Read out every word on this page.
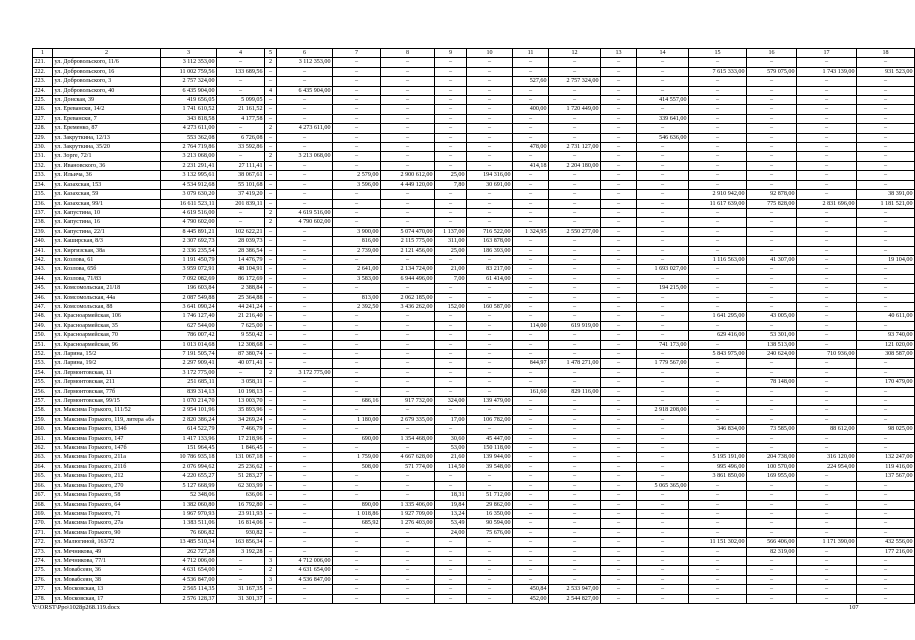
1	2	3	4	5	6	7	8	9	10	11	12	13	14	15	16	17	18
221.	ул. Добровольского, 11/6	3 112 353,00	–	2	3 112 353,00	–	–	–	–	–	–	–	–	–	–	–	–
222.	ул. Добровольского, 16	11 002 759,56	133 689,56	–	–	–	–	–	–	–	–	–	–	7 615 333,00	579 075,00	1 743 139,00	931 523,00
223.	ул. Добровольского, 3	2 757 324,00	–	–	–	–	–	–	–	527,60	2 757 324,00	–	–	–	–	–	–
224.	ул. Добровольского, 40	6 435 904,00	–	4	6 435 904,00	–	–	–	–	–	–	–	–	–	–	–	–
225.	ул. Донская, 39	419 656,05	5 099,05	–	–	–	–	–	–	–	–	–	414 557,00	–	–	–	–
226.	ул. Еревански, 14/2	1 741 610,52	21 161,52	–	–	–	–	–	–	400,00	1 720 449,00	–	–	–	–	–	–
227.	ул. Еревански, 7	343 818,58	4 177,58	–	–	–	–	–	–	–	–	–	339 641,00	–	–	–	–
228.	ул. Еременко, 87	4 273 611,00	–	2	4 273 611,00	–	–	–	–	–	–	–	–	–	–	–	–
229.	ул. Закруткина, 12/13	553 362,08	6 726,08	–	–	–	–	–	–	–	–	–	546 636,00	–	–	–	–
230.	ул. Закруткина, 35/20	2 764 719,86	33 592,86	–	–	–	–	–	–	478,00	2 731 127,00	–	–	–	–	–	–
231.	ул. Зорге, 72/1	3 213 068,00	–	2	3 213 068,00	–	–	–	–	–	–	–	–	–	–	–	–
232.	ул. Ивановского, 36	2 231 291,41	27 111,41	–	–	–	–	–	–	414,18	2 204 180,00	–	–	–	–	–	–
233.	ул. Ильича, 36	3 132 995,61	38 067,61	–	–	2 579,00	2 900 612,00	25,00	194 316,00	–	–	–	–	–	–	–	–
234.	ул. Казахская, 153	4 534 912,68	55 101,68	–	–	3 596,00	4 449 120,00	7,80	30 691,00	–	–	–	–	–	–	–	–
235.	ул. Казахская, 59	3 079 630,20	37 419,20	–	–	–	–	–	–	–	–	–	–	2 910 942,00	92 878,00	–	38 391,00
236.	ул. Казахская, 99/1	16 611 523,11	201 839,11	–	–	–	–	–	–	–	–	–	–	11 617 639,00	775 828,00	2 831 696,00	1 181 521,00
237.	ул. Капустина, 10	4 619 516,00	–	2	4 619 516,00	–	–	–	–	–	–	–	–	–	–	–	–
238.	ул. Капустина, 16	4 790 602,00	–	2	4 790 602,00	–	–	–	–	–	–	–	–	–	–	–	–
239.	ул. Капустина, 22/1	8 445 891,21	102 622,21	–	–	3 900,00	5 074 470,00	1 137,00	716 522,00	1 324,95	2 550 277,00	–	–	–	–	–	–
240.	ул. Каширская, 8/3	2 307 692,73	28 039,73	–	–	816,00	2 115 775,00	311,00	163 878,00	–	–	–	–	–	–	–	–
241.	ул. Киргизская, 38а	2 336 235,54	28 386,54	–	–	2 739,00	2 121 456,00	25,00	186 393,00	–	–	–	–	–	–	–	–
242.	ул. Козлова, 61	1 191 450,79	14 476,79	–	–	–	–	–	–	–	–	–	–	1 116 563,00	41 307,00	–	19 104,00
243.	ул. Козлова, 65б	3 959 072,91	48 104,91	–	–	2 641,00	2 134 724,00	21,00	83 217,00	–	–	–	1 693 027,00	–	–	–	–
244.	ул. Козлова, 71/83	7 092 082,69	86 172,69	–	–	3 583,00	6 944 496,00	7,00	61 414,00	–	–	–	–	–	–	–	–
245.	ул. Комсомольская, 21/18	196 603,84	2 388,84	–	–	–	–	–	–	–	–	–	194 215,00	–	–	–	–
246.	ул. Комсомольская, 44а	2 087 549,88	25 364,88	–	–	813,00	2 062 185,00	–	–	–	–	–	–	–	–	–	–
247.	ул. Комсомольская, 88	3 641 090,24	44 241,24	–	–	2 392,50	3 436 262,00	152,00	160 587,00	–	–	–	–	–	–	–	–
248.	ул. Красноармейская, 106	1 746 127,40	21 216,40	–	–	–	–	–	–	–	–	–	–	1 641 295,00	43 005,00	–	40 611,00
249.	ул. Красноармейская, 35	627 544,00	7 625,00	–	–	–	–	–	–	114,00	619 919,00	–	–	–	–	–	–
250.	ул. Красноармейская, 70	786 007,42	9 550,42	–	–	–	–	–	–	–	–	–	–	629 416,00	53 301,00	–	93 740,00
251.	ул. Красноармейская, 96	1 013 014,68	12 308,68	–	–	–	–	–	–	–	–	–	741 173,00	–	138 513,00	–	121 020,00
252.	ул. Ларина, 15/2	7 191 505,74	87 380,74	–	–	–	–	–	–	–	–	–	–	5 843 975,00	240 624,00	710 936,00	308 587,00
253.	ул. Ларина, 19/2	2 297 909,41	40 071,41	–	–	–	–	–	–	844,97	1 478 271,00	–	1 779 567,00	–	–	–	–
254.	ул. Лермонтовская, 11	3 172 775,00	–	2	3 172 775,00	–	–	–	–	–	–	–	–	–	–	–	–
255.	ул. Лермонтовская, 211	251 685,11	3 058,11	–	–	–	–	–	–	–	–	–	–	–	78 148,00	–	170 479,00
256.	ул. Лермонтовская, 77б	839 314,13	10 198,13	–	–	–	–	–	–	161,60	829 116,00	–	–	–	–	–	–
257.	ул. Лермонтовская, 99/15	1 070 214,70	13 003,70	–	–	686,16	917 732,00	324,00	139 479,00	–	–	–	–	–	–	–	–
258.	ул. Максима Горького, 111/52	2 954 101,96	35 893,96	–	–	–	–	–	–	–	–	–	2 918 208,00	–	–	–	–
259.	ул. Максима Горького, 119, литера «б»	2 820 386,24	34 269,24	–	–	1 180,00	2 679 335,00	17,00	106 782,00	–	–	–	–	–	–	–	–
260.	ул. Максима Горького, 134б	614 522,79	7 466,79	–	–	–	–	–	–	–	–	–	–	346 834,00	73 585,00	88 612,00	98 025,00
261.	ул. Максима Горького, 147	1 417 133,96	17 218,96	–	–	690,00	1 354 468,00	30,60	45 447,00	–	–	–	–	–	–	–	–
262.	ул. Максима Горького, 147б	151 964,45	1 846,45	–	–	–	–	53,00	150 118,00	–	–	–	–	–	–	–	–
263.	ул. Максима Горького, 211а	10 786 935,18	131 067,18	–	–	1 759,00	4 667 628,00	21,60	139 944,00	–	–	–	–	5 195 191,00	204 738,00	316 120,00	132 247,00
264.	ул. Максима Горького, 211б	2 076 994,62	25 236,62	–	–	508,00	571 774,00	114,50	39 548,00	–	–	–	–	995 496,00	100 570,00	224 954,00	119 416,00
265.	ул. Максима Горького, 212	4 220 655,27	51 283,27	–	–	–	–	–	–	–	–	–	–	3 861 850,00	169 955,00	–	137 567,00
266.	ул. Максима Горького, 270	5 127 668,99	62 303,99	–	–	–	–	–	–	–	–	–	5 065 365,00	–	–	–	–
267.	ул. Максима Горького, 58	52 348,06	636,06	–	–	–	–	18,31	51 712,00	–	–	–	–	–	–	–	–
268.	ул. Максима Горького, 64	1 382 060,80	16 792,80	–	–	890,00	1 335 406,00	19,84	29 862,00	–	–	–	–	–	–	–	–
269.	ул. Максима Горького, 71	1 967 970,93	23 911,93	–	–	1 018,86	1 927 709,00	13,24	16 350,00	–	–	–	–	–	–	–	–
270.	ул. Максима Горького, 27а	1 383 511,06	16 814,06	–	–	685,92	1 276 403,00	53,49	90 594,00	–	–	–	–	–	–	–	–
271.	ул. Максима Горького, 90	76 606,82	930,82	–	–	–	–	24,00	75 676,00	–	–	–	–	–	–	–	–
272.	ул. Малюгиной, 163/72	13 485 510,34	163 856,34	–	–	–	–	–	–	–	–	–	–	11 151 302,00	566 406,00	1 171 390,00	432 556,00
273.	ул. Мечникова, 49	262 727,28	3 192,28	–	–	–	–	–	–	–	–	–	–	–	82 319,00	–	177 216,00
274.	ул. Мечникова, 77/1	4 712 006,00	–	3	4 712 006,00	–	–	–	–	–	–	–	–	–	–	–	–
275.	ул. Мовабсеян, 36	4 631 654,00	–	2	4 631 654,00	–	–	–	–	–	–	–	–	–	–	–	–
276.	ул. Мовабсеян, 38	4 536 847,00	–	3	4 536 847,00	–	–	–	–	–	–	–	–	–	–	–	–
277.	ул. Московская, 13	2 565 114,35	31 167,35	–	–	–	–	–	–	450,84	2 533 947,00	–	–	–	–	–	–
278.	ул. Московская, 17	2 576 128,37	31 301,37	–	–	–	–	–	–	452,00	2 544 827,00	–	–	–	–	–	–
Y:\ORST\Ppo\1028p268.119.docx	107
